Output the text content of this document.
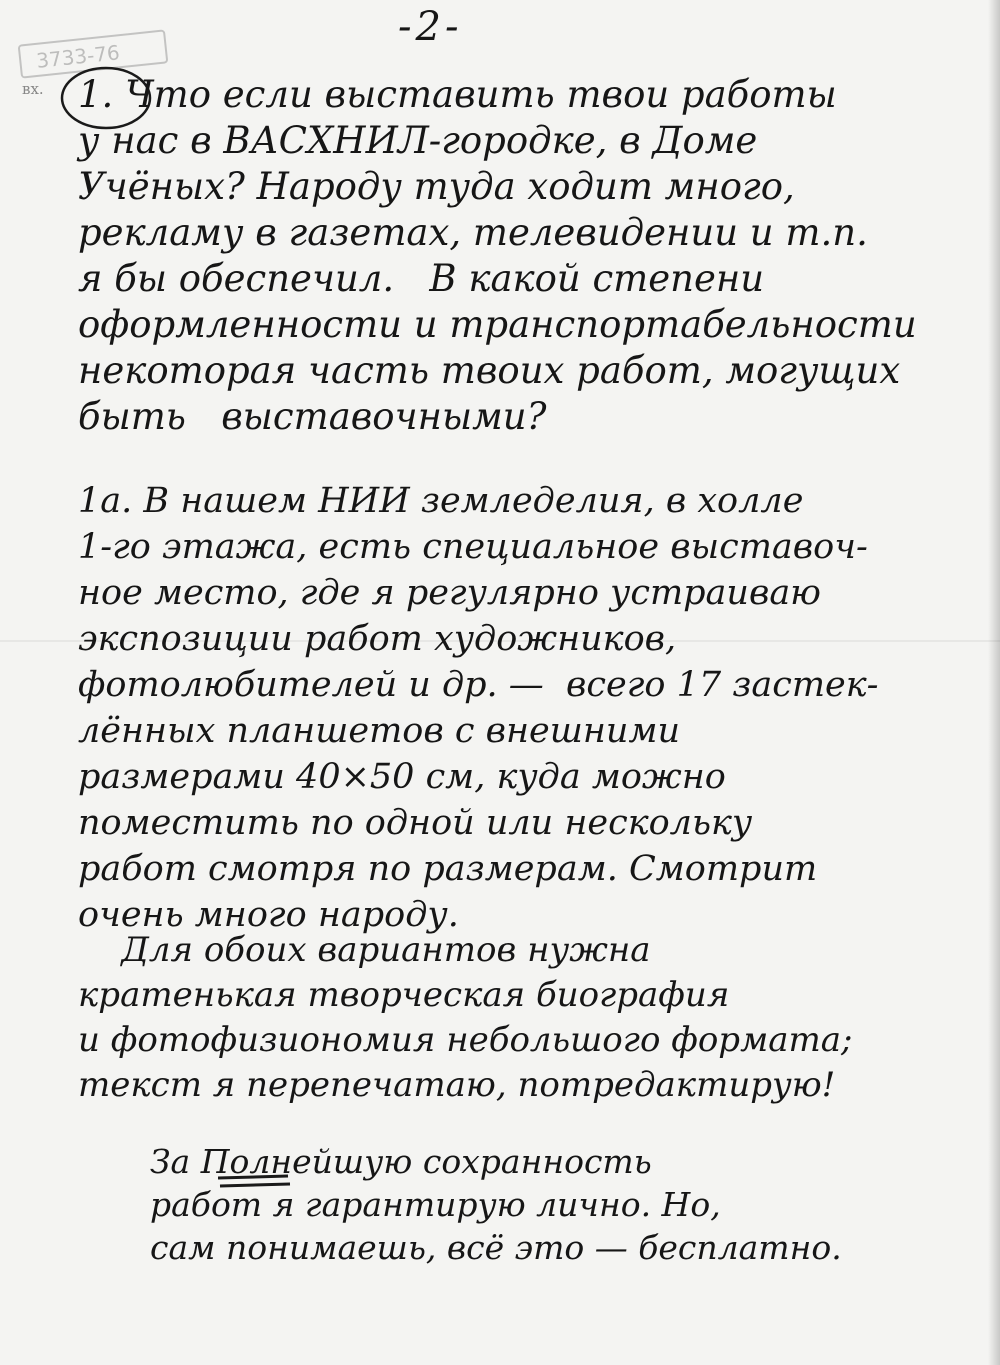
3733-76
вх.
-2-

1. Что если выставить твои работы
у нас в ВАСХНИЛ-городке, в Доме
Учёных? Народу туда ходит много,
рекламу в газетах, телевидении и т.п.
я бы обеспечил.   В какой степени
оформленности и транспортабельности
некоторая часть твоих работ, могущих
быть   выставочными?

1а. В нашем НИИ земледелия, в холле
1-го этажа, есть специальное выставоч-
ное место, где я регулярно устраиваю
экспозиции работ художников,
фотолюбителей и др. —  всего 17 застек-
лённых планшетов с внешними
размерами 40×50 см, куда можно
поместить по одной или нескольку
работ смотря по размерам. Смотрит
очень много народу.

Для обоих вариантов нужна
кратенькая творческая биография
и фотофизиономия небольшого формата;
текст я перепечатаю, потредактирую!

За Полнейшую сохранность
работ я гарантирую лично. Но,
сам понимаешь, всё это — бесплатно.
